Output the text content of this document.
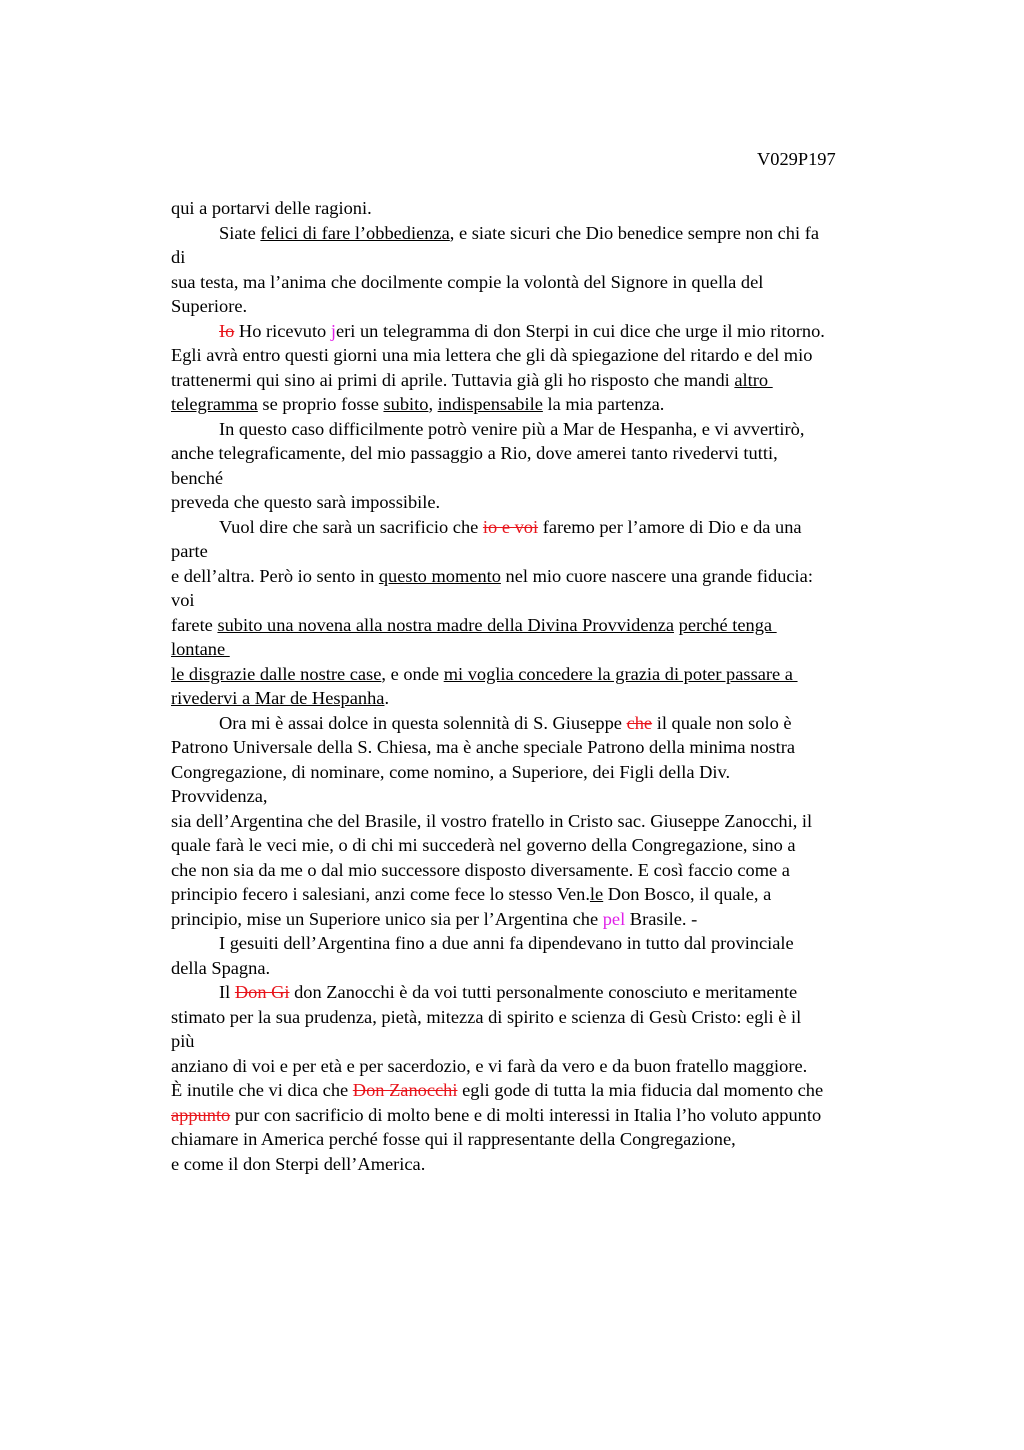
V029P197
qui a portarvi delle ragioni.
Siate felici di fare l’obbedienza, e siate sicuri che Dio benedice sempre non chi fa
di
sua testa, ma l’anima che docilmente compie la volontà del Signore in quella del
Superiore.
Io Ho ricevuto jeri un telegramma di don Sterpi in cui dice che urge il mio ritorno.
Egli avrà entro questi giorni una mia lettera che gli dà spiegazione del ritardo e del mio
trattenermi qui sino ai primi di aprile. Tuttavia già gli ho risposto che mandi altro
telegramma se proprio fosse subito, indispensabile la mia partenza.
In questo caso difficilmente potrò venire più a Mar de Hespanha, e vi avvertirò,
anche telegraficamente, del mio passaggio a Rio, dove amerei tanto rivedervi tutti,
benché
preveda che questo sarà impossibile.
Vuol dire che sarà un sacrificio che io e voi faremo per l’amore di Dio e da una
parte
e dell’altra. Però io sento in questo momento nel mio cuore nascere una grande fiducia:
voi
farete subito una novena alla nostra madre della Divina Provvidenza perché tenga
lontane
le disgrazie dalle nostre case, e onde mi voglia concedere la grazia di poter passare a
rivedervi a Mar de Hespanha.
Ora mi è assai dolce in questa solennità di S. Giuseppe che il quale non solo è
Patrono Universale della S. Chiesa, ma è anche speciale Patrono della minima nostra
Congregazione, di nominare, come nomino, a Superiore, dei Figli della Div.
Provvidenza,
sia dell’Argentina che del Brasile, il vostro fratello in Cristo sac. Giuseppe Zanocchi, il
quale farà le veci mie, o di chi mi succederà nel governo della Congregazione, sino a
che non sia da me o dal mio successore disposto diversamente. E così faccio come a
principio fecero i salesiani, anzi come fece lo stesso Ven.le Don Bosco, il quale, a
principio, mise un Superiore unico sia per l’Argentina che pel Brasile. -
I gesuiti dell’Argentina fino a due anni fa dipendevano in tutto dal provinciale
della Spagna.
Il Don Gi don Zanocchi è da voi tutti personalmente conosciuto e meritamente
stimato per la sua prudenza, pietà, mitezza di spirito e scienza di Gesù Cristo: egli è il
più
anziano di voi e per età e per sacerdozio, e vi farà da vero e da buon fratello maggiore.
È inutile che vi dica che Don Zanocchi egli gode di tutta la mia fiducia dal momento che
appunto pur con sacrificio di molto bene e di molti interessi in Italia l’ho voluto appunto
chiamare in America perché fosse qui il rappresentante della Congregazione,
e come il don Sterpi dell’America.
